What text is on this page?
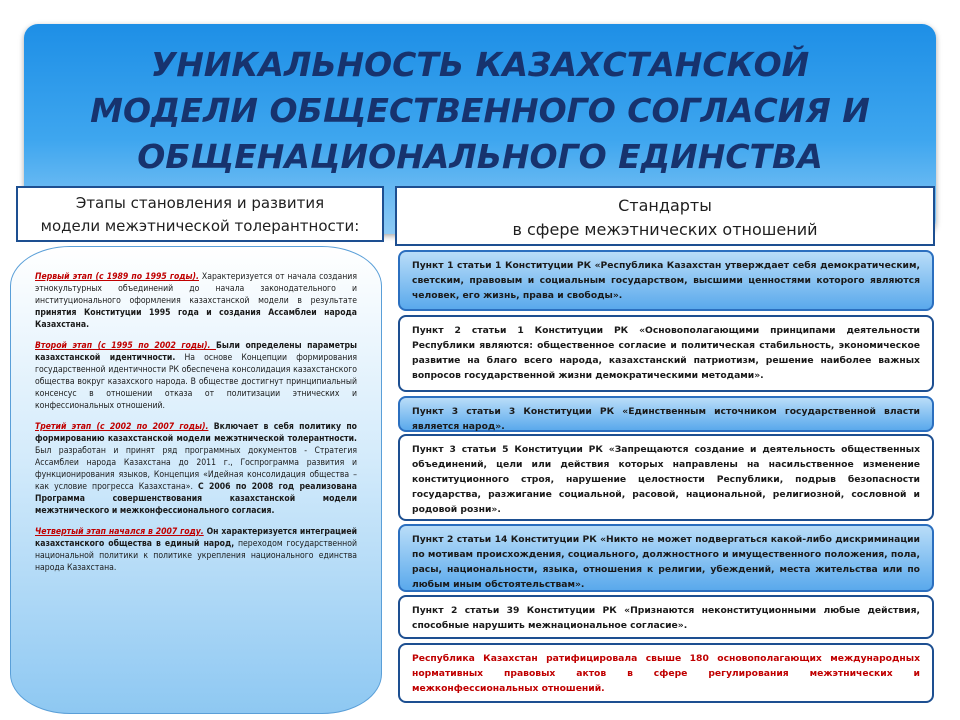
УНИКАЛЬНОСТЬ КАЗАХСТАНСКОЙ
МОДЕЛИ ОБЩЕСТВЕННОГО СОГЛАСИЯ И
ОБЩЕНАЦИОНАЛЬНОГО ЕДИНСТВА
Этапы становления и развития
модели межэтнической толерантности:
Стандарты
в сфере межэтнических отношений

Первый этап (с 1989 по 1995 годы). Характеризуется от начала создания этнокультурных объединений до начала законодательного и институционального оформления казахстанской модели в результате принятия Конституции 1995 года и создания Ассамблеи народа Казахстана.

Второй этап (с 1995 по 2002 годы). Были определены параметры казахстанской идентичности. На основе Концепции формирования государственной идентичности РК обеспечена консолидация казахстанского общества вокруг казахского народа. В обществе достигнут принципиальный консенсус в отношении отказа от политизации этнических и конфессиональных отношений.

Третий этап (с 2002 по 2007 годы). Включает в себя политику по формированию казахстанской модели межэтнической толерантности. Был разработан и принят ряд программных документов - Стратегия Ассамблеи народа Казахстана до 2011 г., Госпрограмма развития и функционирования языков, Концепция «Идейная консолидация общества – как условие прогресса Казахстана». С 2006 по 2008 год реализована Программа совершенствования казахстанской модели межэтнического и межконфессионального согласия.

Четвертый этап начался в 2007 году. Он характеризуется интеграцией казахстанского общества в единый народ, переходом государственной национальной политики к политике укрепления национального единства народа Казахстана.

Пункт 1 статьи 1 Конституции РК «Республика Казахстан утверждает себя демократическим, светским, правовым и социальным государством, высшими ценностями которого являются человек, его жизнь, права и свободы».
Пункт 2 статьи 1 Конституции РК «Основополагающими принципами деятельности Республики являются: общественное согласие и политическая стабильность, экономическое развитие на благо всего народа, казахстанский патриотизм, решение наиболее важных вопросов государственной жизни демократическими методами».
Пункт 3 статьи 3 Конституции РК «Единственным источником государственной власти является народ».
Пункт 3 статьи 5 Конституции РК «Запрещаются создание и деятельность общественных объединений, цели или действия которых направлены на насильственное изменение конституционного строя, нарушение целостности Республики, подрыв безопасности государства, разжигание социальной, расовой, национальной, религиозной, сословной и родовой розни».
Пункт 2 статьи 14 Конституции РК «Никто не может подвергаться какой-либо дискриминации по мотивам происхождения, социального, должностного и имущественного положения, пола, расы, национальности, языка, отношения к религии, убеждений, места жительства или по любым иным обстоятельствам».
Пункт 2 статьи 39 Конституции РК «Признаются неконституционными любые действия, способные нарушить межнациональное согласие».
Республика Казахстан ратифицировала свыше 180 основополагающих международных нормативных правовых актов в сфере регулирования межэтнических и межконфессиональных отношений.
